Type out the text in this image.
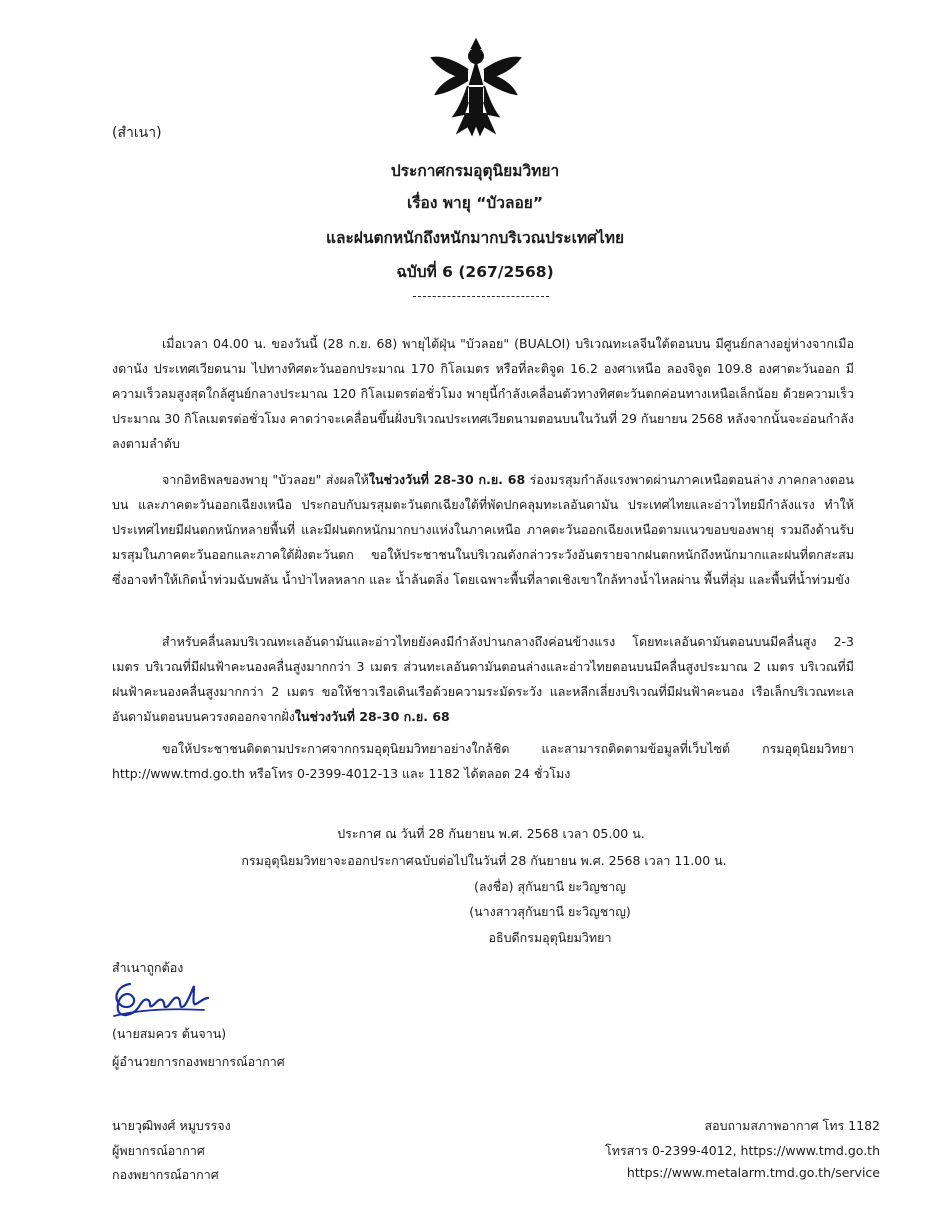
(สำเนา)
ประกาศกรมอุตุนิยมวิทยา
เรื่อง พายุ “บัวลอย”
และฝนตกหนักถึงหนักมากบริเวณประเทศไทย
ฉบับที่ 6 (267/2568)

เมื่อเวลา 04.00 น. ของวันนี้ (28 ก.ย. 68) พายุไต้ฝุ่น "บัวลอย" (BUALOI) บริเวณทะเลจีนใต้ตอนบน มีศูนย์กลางอยู่ห่างจากเมืองดานัง ประเทศเวียดนาม ไปทางทิศตะวันออกประมาณ 170 กิโลเมตร หรือที่ละติจูด 16.2 องศาเหนือ ลองจิจูด 109.8 องศาตะวันออก มีความเร็วลมสูงสุดใกล้ศูนย์กลางประมาณ 120 กิโลเมตรต่อชั่วโมง พายุนี้กำลังเคลื่อนตัวทางทิศตะวันตกค่อนทางเหนือเล็กน้อย ด้วยความเร็วประมาณ 30 กิโลเมตรต่อชั่วโมง คาดว่าจะเคลื่อนขึ้นฝั่งบริเวณประเทศเวียดนามตอนบนในวันที่ 29 กันยายน 2568 หลังจากนั้นจะอ่อนกำลังลงตามลำดับ

จากอิทธิพลของพายุ "บัวลอย" ส่งผลให้ในช่วงวันที่ 28-30 ก.ย. 68 ร่องมรสุมกำลังแรงพาดผ่านภาคเหนือตอนล่าง ภาคกลางตอนบน และภาคตะวันออกเฉียงเหนือ ประกอบกับมรสุมตะวันตกเฉียงใต้ที่พัดปกคลุมทะเลอันดามัน ประเทศไทยและอ่าวไทยมีกำลังแรง ทำให้ประเทศไทยมีฝนตกหนักหลายพื้นที่ และมีฝนตกหนักมากบางแห่งในภาคเหนือ ภาคตะวันออกเฉียงเหนือตามแนวขอบของพายุ รวมถึงด้านรับมรสุมในภาคตะวันออกและภาคใต้ฝั่งตะวันตก ขอให้ประชาชนในบริเวณดังกล่าวระวังอันตรายจากฝนตกหนักถึงหนักมากและฝนที่ตกสะสม ซึ่งอาจทำให้เกิดน้ำท่วมฉับพลัน น้ำป่าไหลหลาก และ น้ำล้นตลิ่ง โดยเฉพาะพื้นที่ลาดเชิงเขาใกล้ทางน้ำไหลผ่าน พื้นที่ลุ่ม และพื้นที่น้ำท่วมขัง

สำหรับคลื่นลมบริเวณทะเลอันดามันและอ่าวไทยยังคงมีกำลังปานกลางถึงค่อนข้างแรง โดยทะเลอันดามันตอนบนมีคลื่นสูง 2-3 เมตร บริเวณที่มีฝนฟ้าคะนองคลื่นสูงมากกว่า 3 เมตร ส่วนทะเลอันดามันตอนล่างและอ่าวไทยตอนบนมีคลื่นสูงประมาณ 2 เมตร บริเวณที่มีฝนฟ้าคะนองคลื่นสูงมากกว่า 2 เมตร ขอให้ชาวเรือเดินเรือด้วยความระมัดระวัง และหลีกเลี่ยงบริเวณที่มีฝนฟ้าคะนอง เรือเล็กบริเวณทะเลอันดามันตอนบนควรงดออกจากฝั่งในช่วงวันที่ 28-30 ก.ย. 68

ขอให้ประชาชนติดตามประกาศจากกรมอุตุนิยมวิทยาอย่างใกล้ชิด และสามารถติดตามข้อมูลที่เว็บไซต์ กรมอุตุนิยมวิทยา http://www.tmd.go.th หรือโทร 0-2399-4012-13 และ 1182 ได้ตลอด 24 ชั่วโมง

ประกาศ ณ วันที่ 28 กันยายน พ.ศ. 2568 เวลา 05.00 น.
กรมอุตุนิยมวิทยาจะออกประกาศฉบับต่อไปในวันที่ 28 กันยายน พ.ศ. 2568 เวลา 11.00 น.
(ลงชื่อ) สุกันยานี ยะวิญชาญ
(นางสาวสุกันยานี ยะวิญชาญ)
อธิบดีกรมอุตุนิยมวิทยา
สำเนาถูกต้อง
(นายสมควร ต้นจาน)
ผู้อำนวยการกองพยากรณ์อากาศ
นายวุฒิพงศ์ หมูบรรจง
ผู้พยากรณ์อากาศ
กองพยากรณ์อากาศ
สอบถามสภาพอากาศ โทร 1182
โทรสาร 0-2399-4012, https://www.tmd.go.th
https://www.metalarm.tmd.go.th/service
